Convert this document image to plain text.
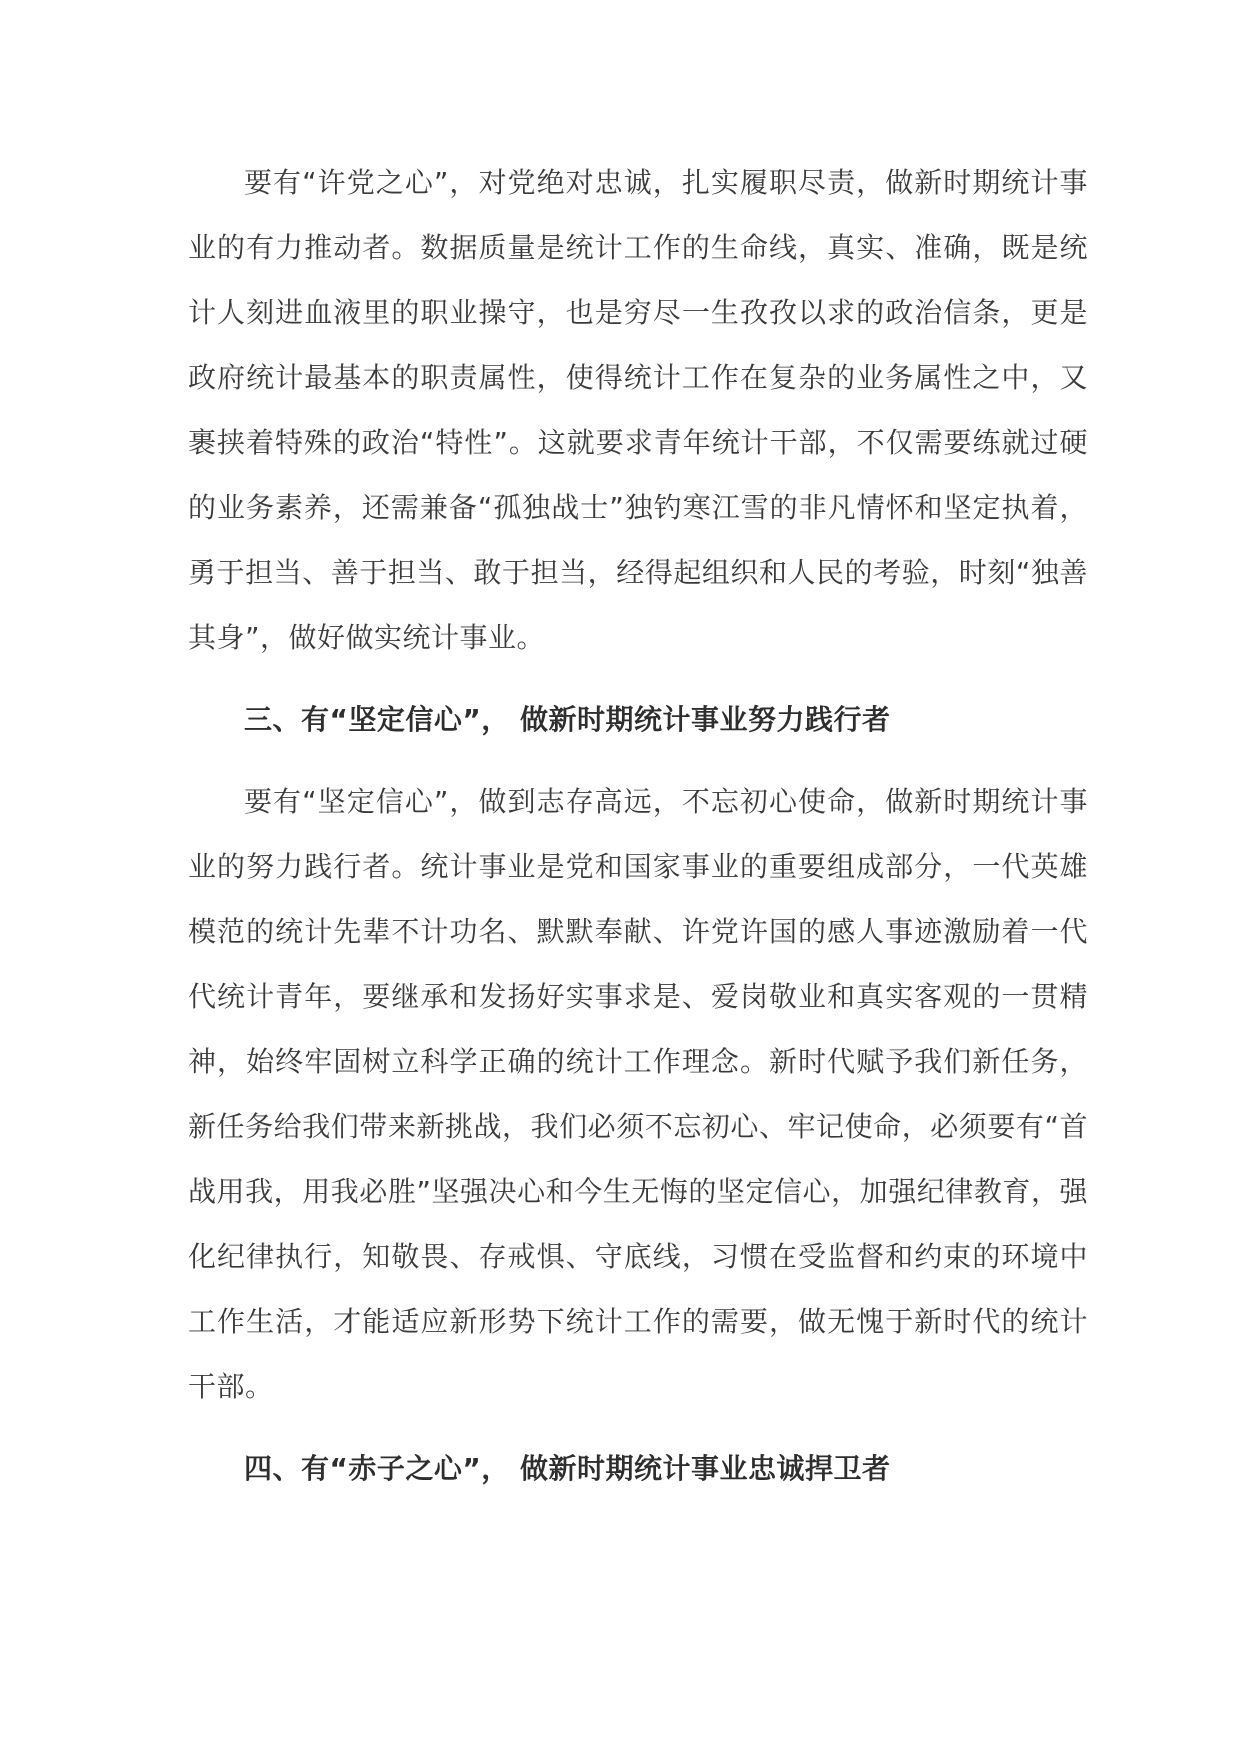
要有“许党之心”，对党绝对忠诚，扎实履职尽责，做新时期统计事业的有力推动者。数据质量是统计工作的生命线，真实、准确，既是统计人刻进血液里的职业操守，也是穷尽一生孜孜以求的政治信条，更是政府统计最基本的职责属性，使得统计工作在复杂的业务属性之中，又裹挟着特殊的政治“特性”。这就要求青年统计干部，不仅需要练就过硬的业务素养，还需兼备“孤独战士”独钓寒江雪的非凡情怀和坚定执着，勇于担当、善于担当、敢于担当，经得起组织和人民的考验，时刻“独善其身”，做好做实统计事业。

三、有“坚定信心”， 做新时期统计事业努力践行者

要有“坚定信心”，做到志存高远，不忘初心使命，做新时期统计事业的努力践行者。统计事业是党和国家事业的重要组成部分，一代英雄模范的统计先辈不计功名、默默奉献、许党许国的感人事迹激励着一代代统计青年，要继承和发扬好实事求是、爱岗敬业和真实客观的一贯精神，始终牢固树立科学正确的统计工作理念。新时代赋予我们新任务，新任务给我们带来新挑战，我们必须不忘初心、牢记使命，必须要有“首战用我，用我必胜”坚强决心和今生无悔的坚定信心，加强纪律教育，强化纪律执行，知敬畏、存戒惧、守底线，习惯在受监督和约束的环境中工作生活，才能适应新形势下统计工作的需要，做无愧于新时代的统计干部。

四、有“赤子之心”， 做新时期统计事业忠诚捍卫者
